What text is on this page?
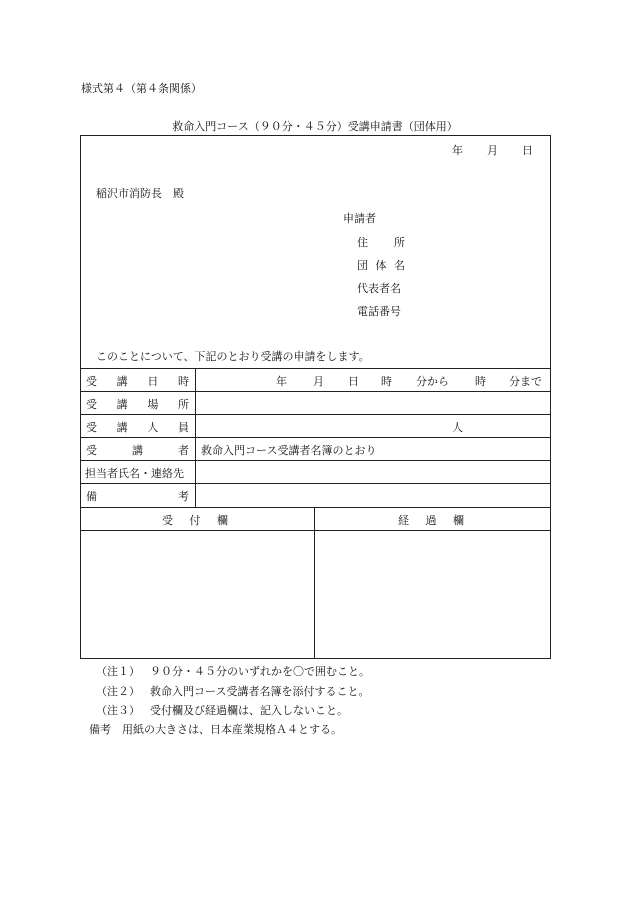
様式第４（第４条関係）
救命入門コース（９０分・４５分）受講申請書（団体用）
年 月 日
稲沢市消防長　殿
申請者
住 所
団 体 名
代表者名
電話番号
このことについて、下記のとおり受講の申請をします。
受 講 日 時	年 月 日 時 分から 時 分まで
受 講 場 所
受 講 人 員	人
受	講	者 救命入門コース受講者名簿のとおり
担当者氏名・連絡先
備	考
受 付 欄	経 過 欄
（注１） ９０分・４５分のいずれかを〇で囲むこと。
（注２） 救命入門コース受講者名簿を添付すること。
（注３） 受付欄及び経過欄は、記入しないこと。
備考　用紙の大きさは、日本産業規格Ａ４とする。
